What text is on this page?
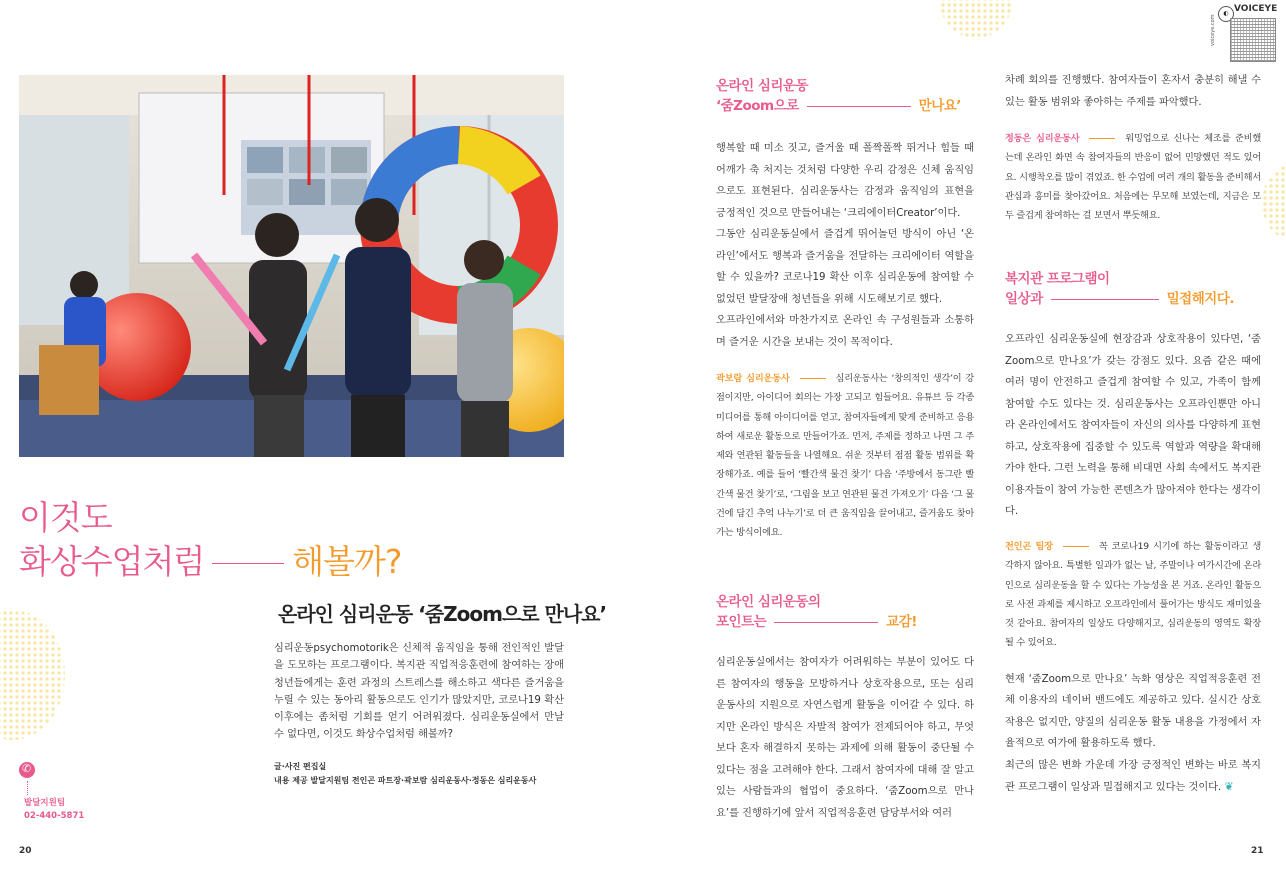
이것도
화상수업처럼	해볼까?
온라인 심리운동 ‘줌Zoom으로 만나요’
심리운동psychomotorik은 신체적 움직임을 통해 전인적인 발달을 도모하는 프로그램이다. 복지관 직업적응훈련에 참여하는 장애 청년들에게는 훈련 과정의 스트레스를 해소하고 색다른 즐거움을 누릴 수 있는 동아리 활동으로도 인기가 많았지만, 코로나19 확산 이후에는 좀처럼 기회를 얻기 어려워졌다. 심리운동실에서 만날 수 없다면, 이것도 화상수업처럼 해볼까?
글·사진 편집실
내용 제공 발달지원팀 전인곤 파트장·곽보람 심리운동사·정동은 심리운동사
✆
발달지원팀
02-440-5871
20	21
◐ VOICEYE
voiceye.com
온라인 심리운동
‘줌Zoom으로	만나요’
행복할 때 미소 짓고, 즐거울 때 폴짝폴짝 뛰거나 힘들 때 어깨가 축 처지는 것처럼 다양한 우리 감정은 신체 움직임으로도 표현된다. 심리운동사는 감정과 움직임의 표현을 긍정적인 것으로 만들어내는 ‘크리에이터Creator’이다.
그동안 심리운동실에서 즐겁게 뛰어놀던 방식이 아닌 ‘온라인’에서도 행복과 즐거움을 전달하는 크리에이터 역할을 할 수 있을까? 코로나19 확산 이후 심리운동에 참여할 수 없었던 발달장애 청년들을 위해 시도해보기로 했다.
오프라인에서와 마찬가지로 온라인 속 구성원들과 소통하며 즐거운 시간을 보내는 것이 목적이다.
곽보람 심리운동사	심리운동사는 ‘창의적인 생각’이 강점이지만, 아이디어 회의는 가장 고되고 힘들어요. 유튜브 등 각종 미디어를 통해 아이디어를 얻고, 참여자들에게 맞게 준비하고 응용하여 새로운 활동으로 만들어가죠. 먼저, 주제를 정하고 나면 그 주제와 연관된 활동들을 나열해요. 쉬운 것부터 점점 활동 범위를 확장해가죠. 예를 들어 ‘빨간색 물건 찾기’ 다음 ‘주방에서 동그란 빨간색 물건 찾기’로, ‘그림을 보고 연관된 물건 가져오기’ 다음 ‘그 물건에 담긴 추억 나누기’로 더 큰 움직임을 끌어내고, 즐거움도 찾아가는 방식이에요.
온라인 심리운동의
포인트는	교감!
심리운동실에서는 참여자가 어려워하는 부분이 있어도 다른 참여자의 행동을 모방하거나 상호작용으로, 또는 심리운동사의 지원으로 자연스럽게 활동을 이어갈 수 있다. 하지만 온라인 방식은 자발적 참여가 전제되어야 하고, 무엇보다 혼자 해결하지 못하는 과제에 의해 활동이 중단될 수 있다는 점을 고려해야 한다. 그래서 참여자에 대해 잘 알고 있는 사람들과의 협업이 중요하다. ‘줌Zoom으로 만나요’를 진행하기에 앞서 직업적응훈련 담당부서와 여러
차례 회의를 진행했다. 참여자들이 혼자서 충분히 해낼 수 있는 활동 범위와 좋아하는 주제를 파악했다.
정동은 심리운동사	워밍업으로 신나는 체조를 준비했는데 온라인 화면 속 참여자들의 반응이 없어 민망했던 적도 있어요. 시행착오를 많이 겪었죠. 한 수업에 여러 개의 활동을 준비해서 관심과 흥미를 찾아갔어요. 처음에는 무모해 보였는데, 지금은 모두 즐겁게 참여하는 걸 보면서 뿌듯해요.
복지관 프로그램이
일상과	밀접해지다.
오프라인 심리운동실에 현장감과 상호작용이 있다면, ‘줌Zoom으로 만나요’가 갖는 강점도 있다. 요즘 같은 때에 여러 명이 안전하고 즐겁게 참여할 수 있고, 가족이 함께 참여할 수도 있다는 것. 심리운동사는 오프라인뿐만 아니라 온라인에서도 참여자들이 자신의 의사를 다양하게 표현하고, 상호작용에 집중할 수 있도록 역할과 역량을 확대해가야 한다. 그런 노력을 통해 비대면 사회 속에서도 복지관 이용자들이 참여 가능한 콘텐츠가 많아져야 한다는 생각이다.
전인곤 팀장	꼭 코로나19 시기에 하는 활동이라고 생각하지 않아요. 특별한 일과가 없는 날, 주말이나 여가시간에 온라인으로 심리운동을 할 수 있다는 가능성을 본 거죠. 온라인 활동으로 사전 과제를 제시하고 오프라인에서 풀어가는 방식도 재미있을 것 같아요. 참여자의 일상도 다양해지고, 심리운동의 영역도 확장될 수 있어요.
현재 ‘줌Zoom으로 만나요’ 녹화 영상은 직업적응훈련 전체 이용자의 네이버 밴드에도 제공하고 있다. 실시간 상호작용은 없지만, 양질의 심리운동 활동 내용을 가정에서 자율적으로 여가에 활용하도록 했다.
최근의 많은 변화 가운데 가장 긍정적인 변화는 바로 복지관 프로그램이 일상과 밀접해지고 있다는 것이다. ❦
